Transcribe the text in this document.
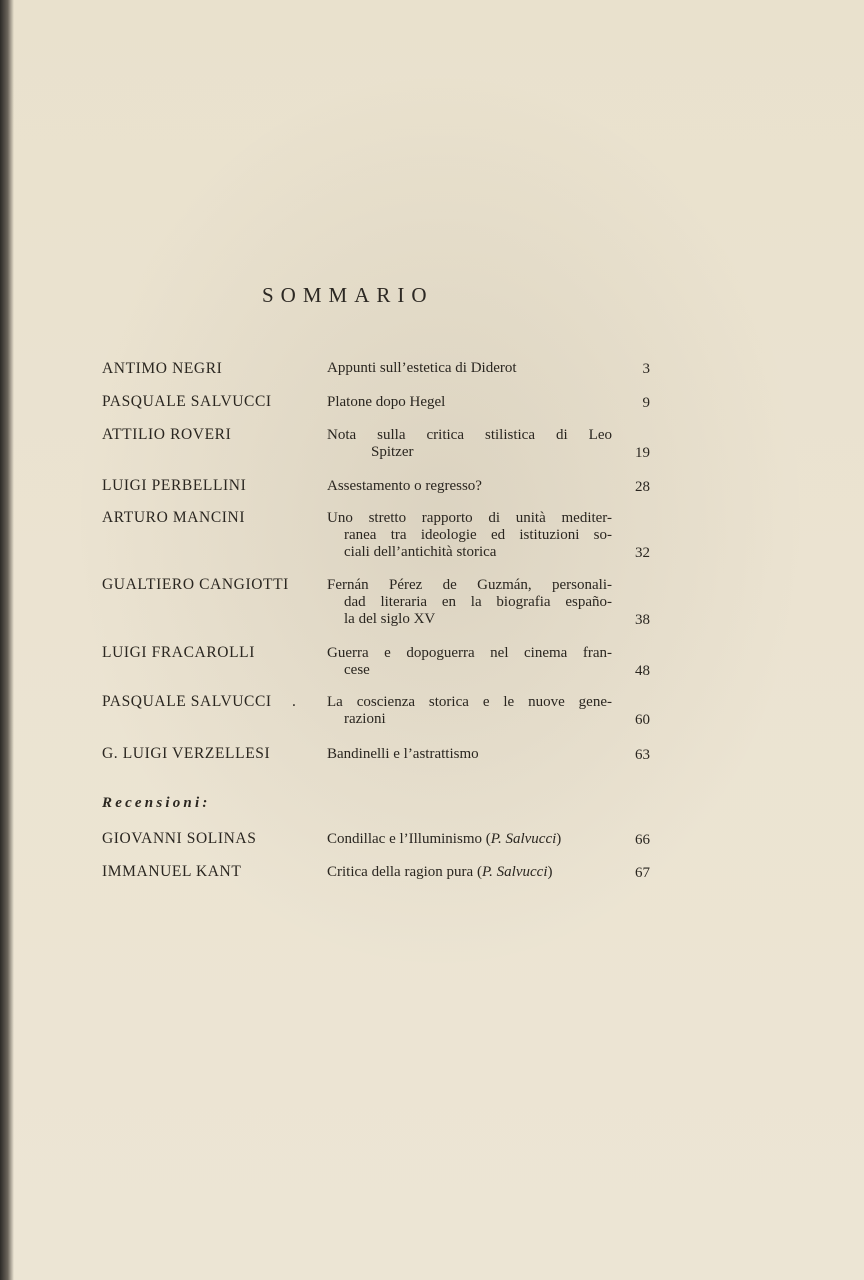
SOMMARIO
ANTIMO NEGRI	Appunti sull’estetica di Diderot	3
PASQUALE SALVUCCI	Platone dopo Hegel	9
ATTILIO ROVERI	Nota sulla critica stilistica di Leo
Spitzer	19
LUIGI PERBELLINI	Assestamento o regresso?	28
ARTURO MANCINI	Uno stretto rapporto di unità mediter-
ranea tra ideologie ed istituzioni so-
ciali dell’antichità storica	32
GUALTIERO CANGIOTTI	Fernán Pérez de Guzmán, personali-
dad literaria en la biografia españo-
la del siglo XV	38
LUIGI FRACAROLLI	Guerra e dopoguerra nel cinema fran-
cese	48
PASQUALE SALVUCCI . La coscienza storica e le nuove gene-
razioni	60
G. LUIGI VERZELLESI	Bandinelli e l’astrattismo	63
Recensioni:
GIOVANNI SOLINAS	Condillac e l’Illuminismo (P. Salvucci)	66
IMMANUEL KANT	Critica della ragion pura (P. Salvucci)	67
